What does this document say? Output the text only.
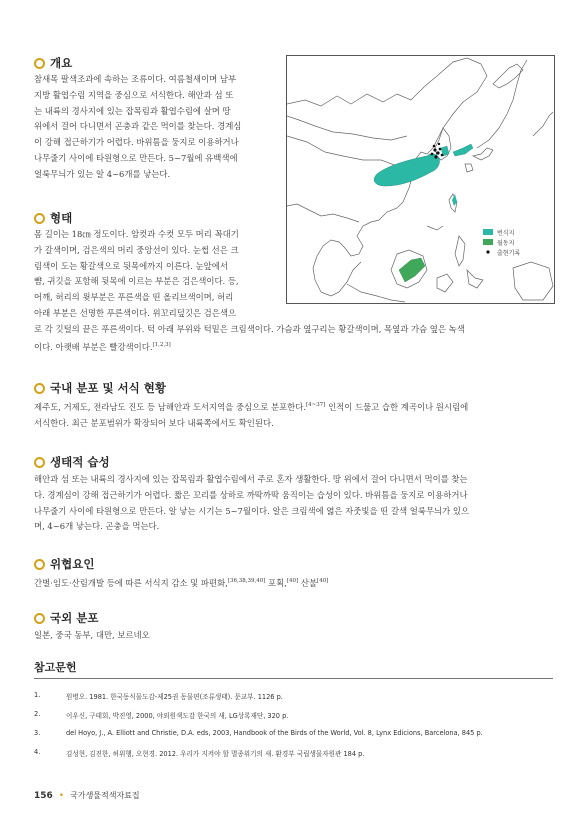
개요

참새목 팔색조과에 속하는 조류이다. 여름철새이며 남부
지방 활엽수림 지역을 중심으로 서식한다. 해안과 섬 또
는 내륙의 경사지에 있는 잡목림과 활엽수림에 살며 땅
위에서 걸어 다니면서 곤충과 같은 먹이를 찾는다. 경계심
이 강해 접근하기가 어렵다. 바위틈을 둥지로 이용하거나
나무줄기 사이에 타원형으로 만든다. 5~7월에 유백색에
얼룩무늬가 있는 알 4~6개를 낳는다.

형태

몸 길이는 18㎝ 정도이다. 암컷과 수컷 모두 머리 꼭대기
가 갈색이며, 검은색의 머리 중앙선이 있다. 눈썹 선은 크
림색이 도는 황갈색으로 뒷목에까지 이른다. 눈앞에서
뺨, 귀깃을 포함해 뒷목에 이르는 부분은 검은색이다. 등,
어깨, 허리의 윗부분은 푸른색을 띤 올리브색이며, 허리
아래 부분은 선명한 푸른색이다. 위꼬리덮깃은 검은색으
로 각 깃털의 끝은 푸른색이다. 턱 아래 부위와 턱밑은 크림색이다. 가슴과 옆구리는 황갈색이며, 목옆과 가슴 옆은 녹색
이다. 아랫배 부분은 빨강색이다.[1,2,3]

번식지
월동지
출현기록
국내 분포 및 서식 현황

제주도, 거제도, 전라남도 진도 등 남해안과 도서지역을 중심으로 분포한다.[4~37] 인적이 드물고 습한 계곡이나 원시림에
서식한다. 최근 분포범위가 확장되어 보다 내륙쪽에서도 확인된다.

생태적 습성

해안과 섬 또는 내륙의 경사지에 있는 잡목림과 활엽수림에서 주로 혼자 생활한다. 땅 위에서 걸어 다니면서 먹이를 찾는
다. 경계심이 강해 접근하기가 어렵다. 짧은 꼬리를 상하로 까딱까딱 움직이는 습성이 있다. 바위틈을 둥지로 이용하거나
나무줄기 사이에 타원형으로 만든다. 알 낳는 시기는 5~7월이다. 알은 크림색에 엷은 자줏빛을 띤 갈색 얼룩무늬가 있으
며, 4~6개 낳는다. 곤충을 먹는다.

위협요인

간벌·임도·산림개발 등에 따른 서식지 감소 및 파편화,[36,38,39,40] 포획,[40] 산불[40]

국외 분포

일본, 중국 동부, 대만, 보르네오

참고문헌
1.	원병오. 1981. 한국동식물도감-제25권 동물편(조류생태). 문교부. 1126 p.
2.	이우신, 구태회, 박진영, 2000, 야외원색도감 한국의 새, LG상록재단, 320 p.
3.	del Hoyo, J., A. Elliott and Christie, D.A. eds, 2003, Handbook of the Birds of the World, Vol. 8, Lynx Edicions, Barcelona, 845 p.
4.	김성현, 김진한, 허위행, 오현경. 2012. 우리가 지켜야 할 멸종위기의 새. 환경부 국립생물자원관 184 p.
156 • 국가생물적색자료집
